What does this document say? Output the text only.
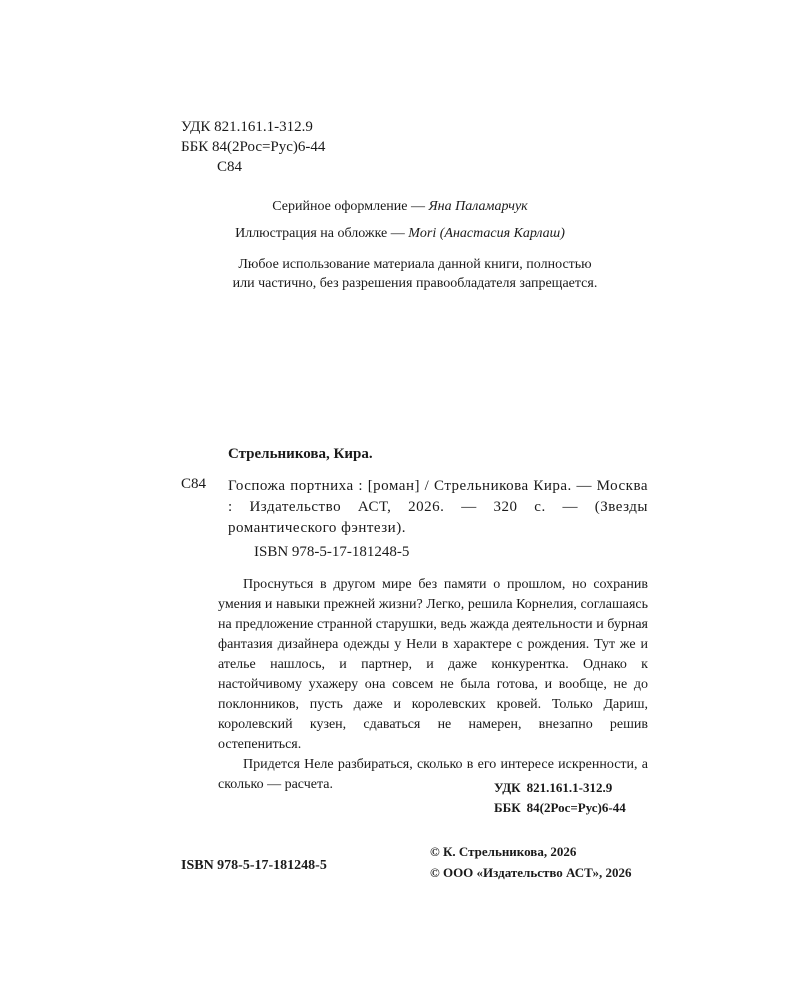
УДК 821.161.1-312.9
ББК 84(2Рос=Рус)6-44
С84
Серийное оформление — Яна Паламарчук
Иллюстрация на обложке — Mori (Анастасия Карлаш)
Любое использование материала данной книги, полностью
или частично, без разрешения правообладателя запрещается.
Стрельникова, Кира.
С84 Госпожа портниха : [роман] / Стрельникова Кира. — Москва : Издательство АСТ, 2026. — 320 с. — (Звезды романтического фэнтези).
ISBN 978-5-17-181248-5

Проснуться в другом мире без памяти о прошлом, но сохранив умения и навыки прежней жизни? Легко, решила Корнелия, соглашаясь на предложение странной старушки, ведь жажда деятельности и бурная фантазия дизайнера одежды у Нели в характере с рождения. Тут же и ателье нашлось, и партнер, и даже конкурентка. Однако к настойчивому ухажеру она совсем не была готова, и вообще, не до поклонников, пусть даже и королевских кровей. Только Дариш, королевский кузен, сдаваться не намерен, внезапно решив остепениться.

Придется Неле разбираться, сколько в его интересе искренности, а сколько — расчета.	УДК 821.161.1-312.9
ББК 84(2Рос=Рус)6-44
ISBN 978-5-17-181248-5
© К. Стрельникова, 2026
© ООО «Издательство АСТ», 2026
